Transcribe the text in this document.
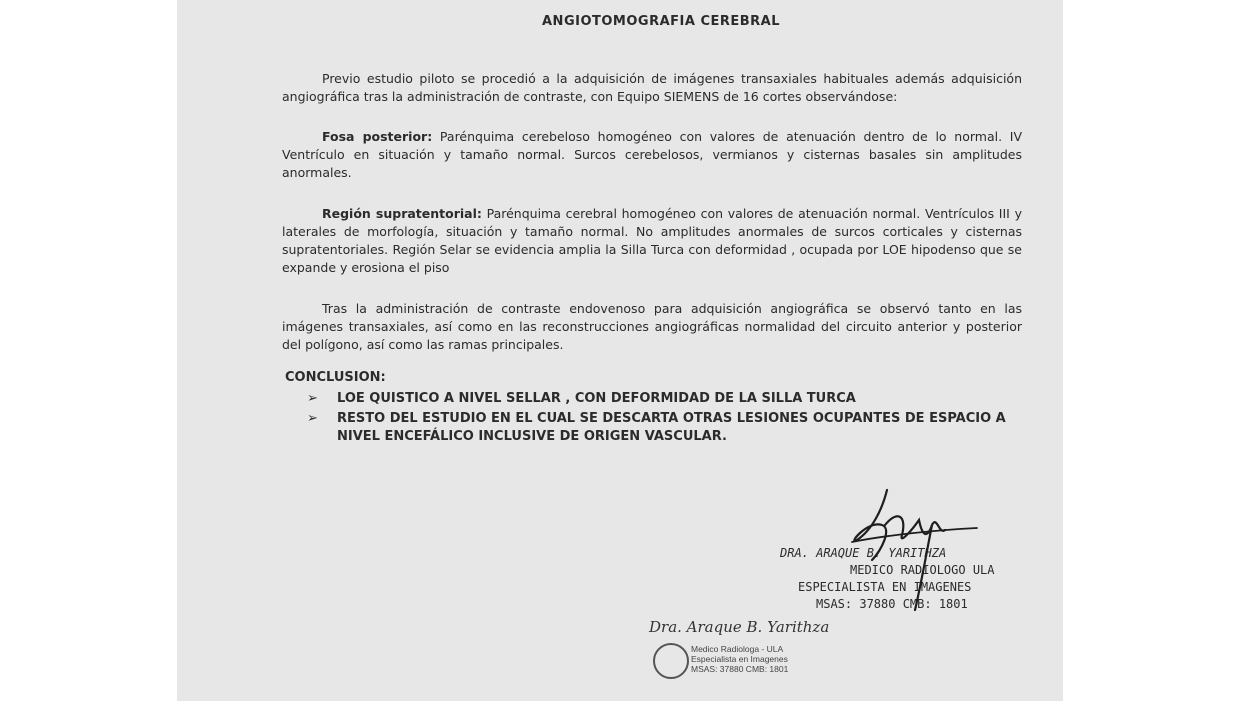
ANGIOTOMOGRAFIA CEREBRAL
Previo estudio piloto se procedió a la adquisición de imágenes transaxiales habituales además adquisición angiográfica tras la administración de contraste, con Equipo SIEMENS de 16 cortes observándose:
Fosa posterior: Parénquima cerebeloso homogéneo con valores de atenuación dentro de lo normal. IV Ventrículo en situación y tamaño normal. Surcos cerebelosos, vermianos y cisternas basales sin amplitudes anormales.
Región supratentorial: Parénquima cerebral homogéneo con valores de atenuación normal. Ventrículos III y laterales de morfología, situación y tamaño normal. No amplitudes anormales de surcos corticales y cisternas supratentoriales. Región Selar se evidencia amplia la Silla Turca con deformidad , ocupada por LOE hipodenso que se expande y erosiona el piso
Tras la administración de contraste endovenoso para adquisición angiográfica se observó tanto en las imágenes transaxiales, así como en las reconstrucciones angiográficas normalidad del circuito anterior y posterior del polígono, así como las ramas principales.
CONCLUSION:
➢ LOE QUISTICO A NIVEL SELLAR , CON DEFORMIDAD DE LA SILLA TURCA
➢ RESTO DEL ESTUDIO EN EL CUAL SE DESCARTA OTRAS LESIONES OCUPANTES DE ESPACIO A NIVEL ENCEFÁLICO INCLUSIVE DE ORIGEN VASCULAR.
DRA. ARAQUE B. YARITHZA
MEDICO RADIOLOGO ULA
ESPECIALISTA EN IMAGENES
MSAS: 37880 CMB: 1801
Dra. Araque B. Yarithza
Medico Radiologa - ULA
Especialista en Imagenes
MSAS: 37880 CMB: 1801
